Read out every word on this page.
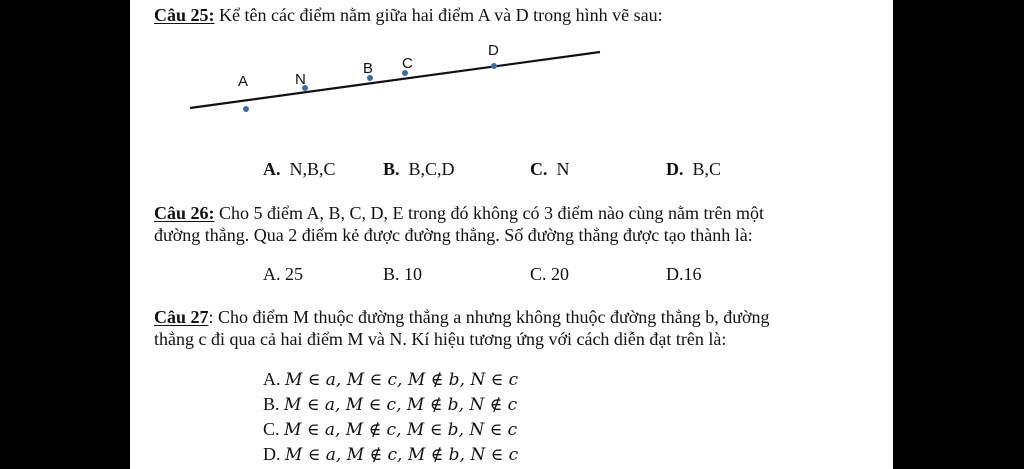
Câu 25: Kể tên các điểm nằm giữa hai điểm A và D trong hình vẽ sau:
A	N
B C
D
A. N,B,C	B. B,C,D	C. N	D. B,C
Câu 26: Cho 5 điểm A, B, C, D, E trong đó không có 3 điểm nào cùng nằm trên một
đường thẳng. Qua 2 điểm kẻ được đường thẳng. Số đường thẳng được tạo thành là:
A. 25	B. 10	C. 20	D.16
Câu 27: Cho điểm M thuộc đường thẳng a nhưng không thuộc đường thẳng b, đường
thẳng c đi qua cả hai điểm M và N. Kí hiệu tương ứng với cách diễn đạt trên là:
A. M ∈ a, M ∈ c, M ∉ b, N ∈ c
B. M ∈ a, M ∈ c, M ∉ b, N ∉ c
C. M ∈ a, M ∉ c, M ∈ b, N ∈ c
D. M ∈ a, M ∉ c, M ∉ b, N ∈ c
